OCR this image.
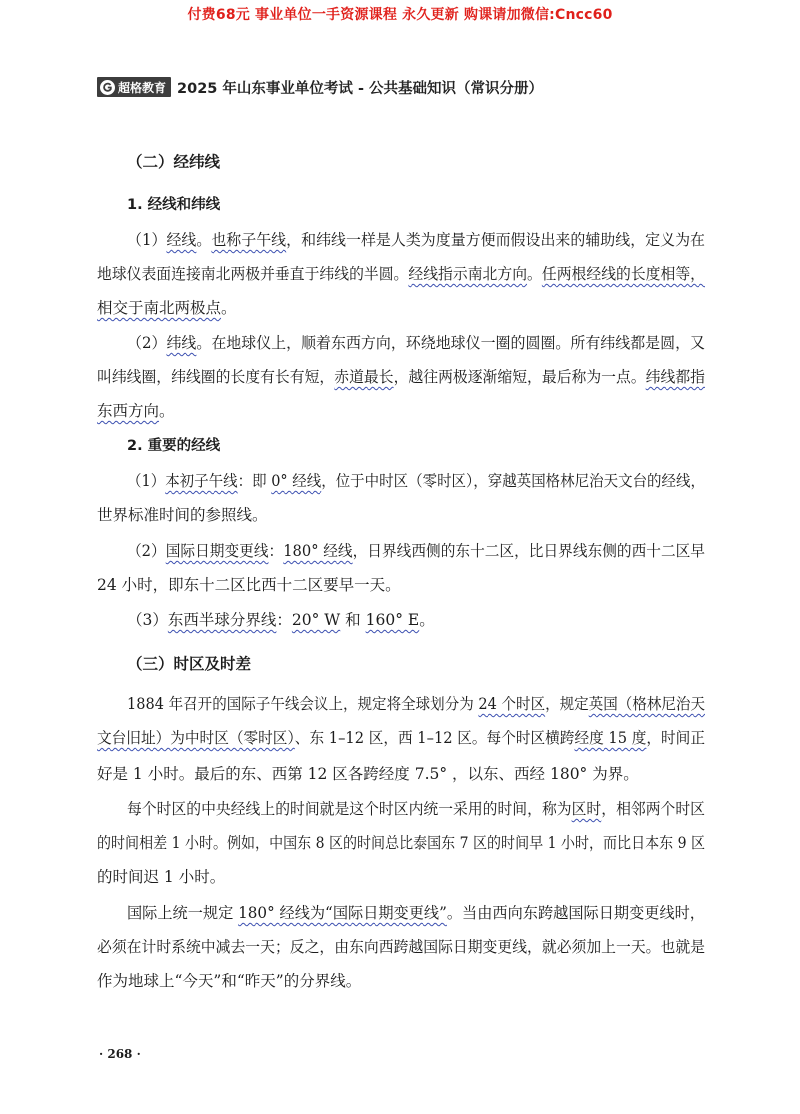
付费68元 事业单位一手资源课程 永久更新 购课请加微信:Cncc60
超格教育 2025 年山东事业单位考试 - 公共基础知识（常识分册）
（二）经纬线
1. 经线和纬线
（1）经线。也称子午线，和纬线一样是人类为度量方便而假设出来的辅助线，定义为在
地球仪表面连接南北两极并垂直于纬线的半圆。经线指示南北方向。任两根经线的长度相等，
相交于南北两极点。
（2）纬线。在地球仪上，顺着东西方向，环绕地球仪一圈的圆圈。所有纬线都是圆，又
叫纬线圈，纬线圈的长度有长有短，赤道最长，越往两极逐渐缩短，最后称为一点。纬线都指
东西方向。
2. 重要的经线
（1）本初子午线：即 0° 经线，位于中时区（零时区），穿越英国格林尼治天文台的经线，
世界标准时间的参照线。
（2）国际日期变更线：180° 经线，日界线西侧的东十二区，比日界线东侧的西十二区早
24 小时，即东十二区比西十二区要早一天。
（3）东西半球分界线：20° W 和 160° E。
（三）时区及时差
1884 年召开的国际子午线会议上，规定将全球划分为 24 个时区，规定英国（格林尼治天
文台旧址）为中时区（零时区）、东 1–12 区，西 1–12 区。每个时区横跨经度 15 度，时间正
好是 1 小时。最后的东、西第 12 区各跨经度 7.5° ，以东、西经 180° 为界。
每个时区的中央经线上的时间就是这个时区内统一采用的时间，称为区时，相邻两个时区
的时间相差 1 小时。例如，中国东 8 区的时间总比泰国东 7 区的时间早 1 小时，而比日本东 9 区
的时间迟 1 小时。
国际上统一规定 180° 经线为“国际日期变更线”。当由西向东跨越国际日期变更线时，
必须在计时系统中减去一天；反之，由东向西跨越国际日期变更线，就必须加上一天。也就是
作为地球上“今天”和“昨天”的分界线。
· 268 ·
